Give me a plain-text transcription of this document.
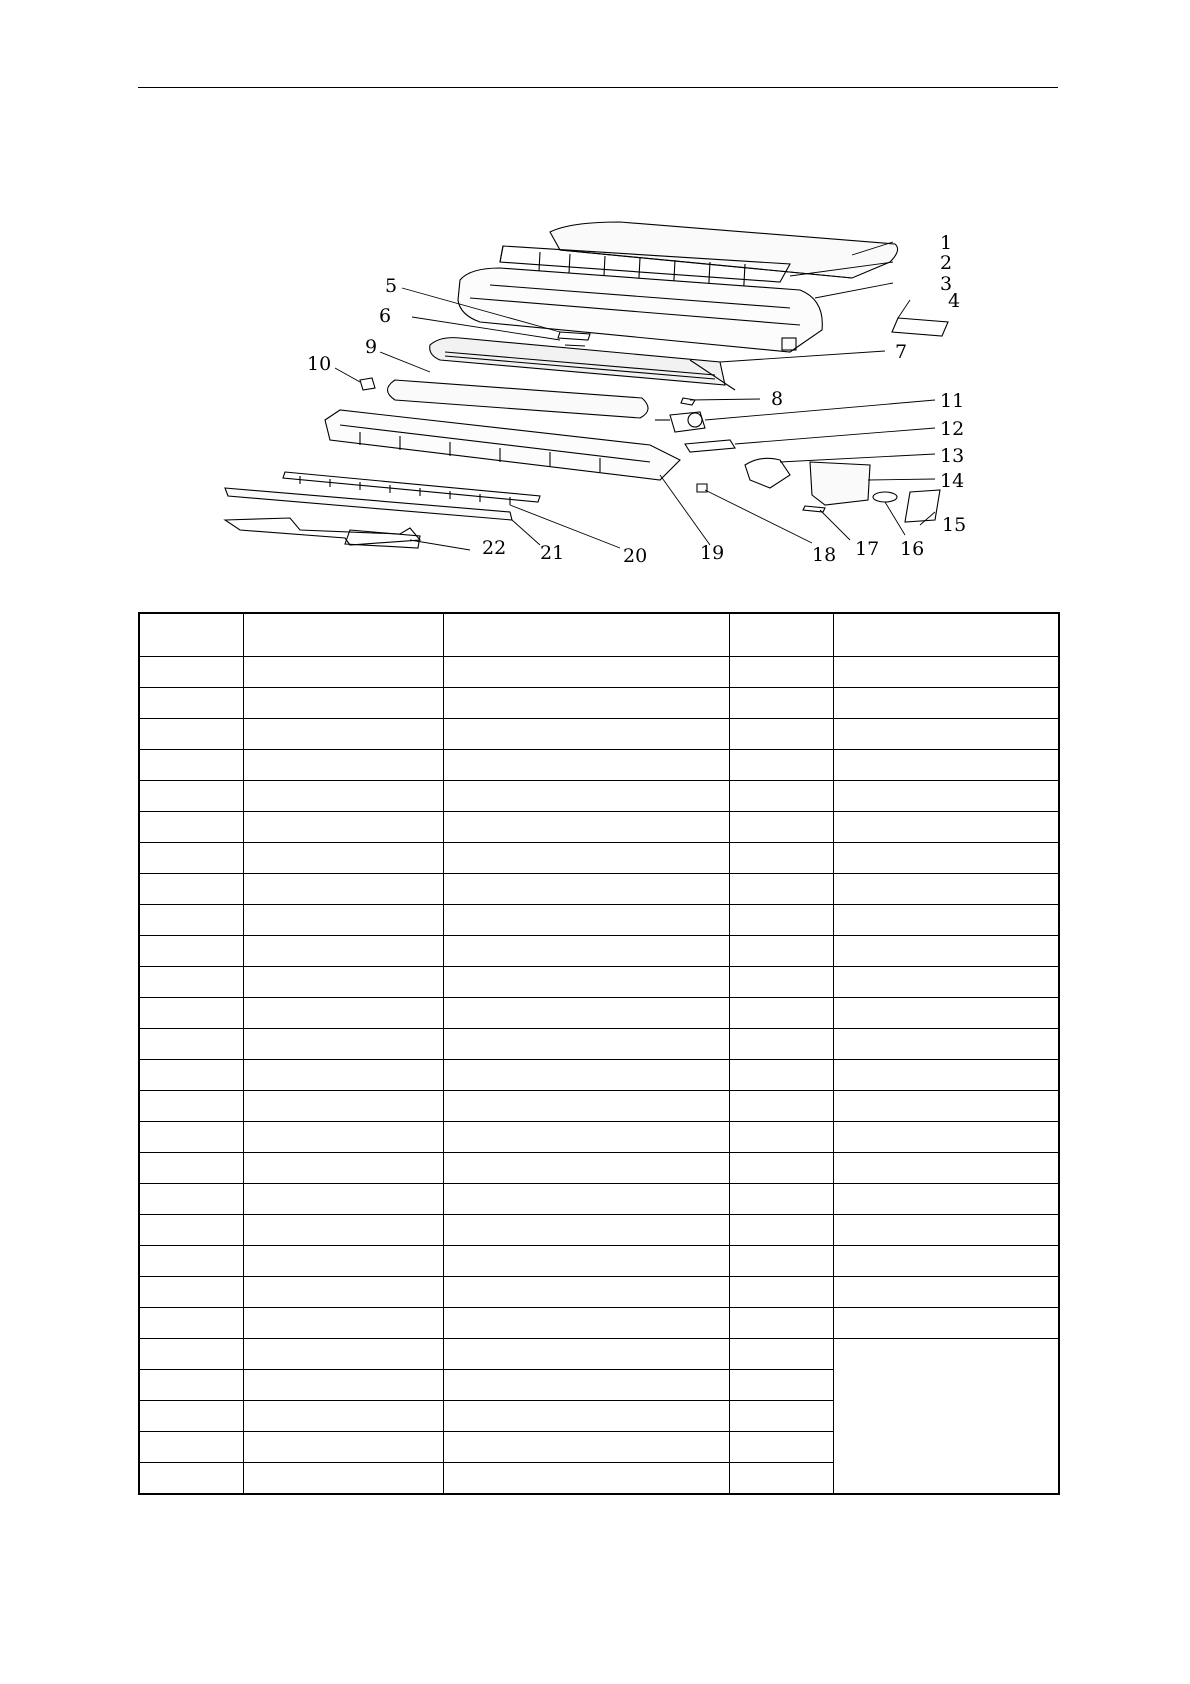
1
2
3
4
5
6
7
8
9
10
11
12
13
14
15
16
17
18
19
20
21
22
